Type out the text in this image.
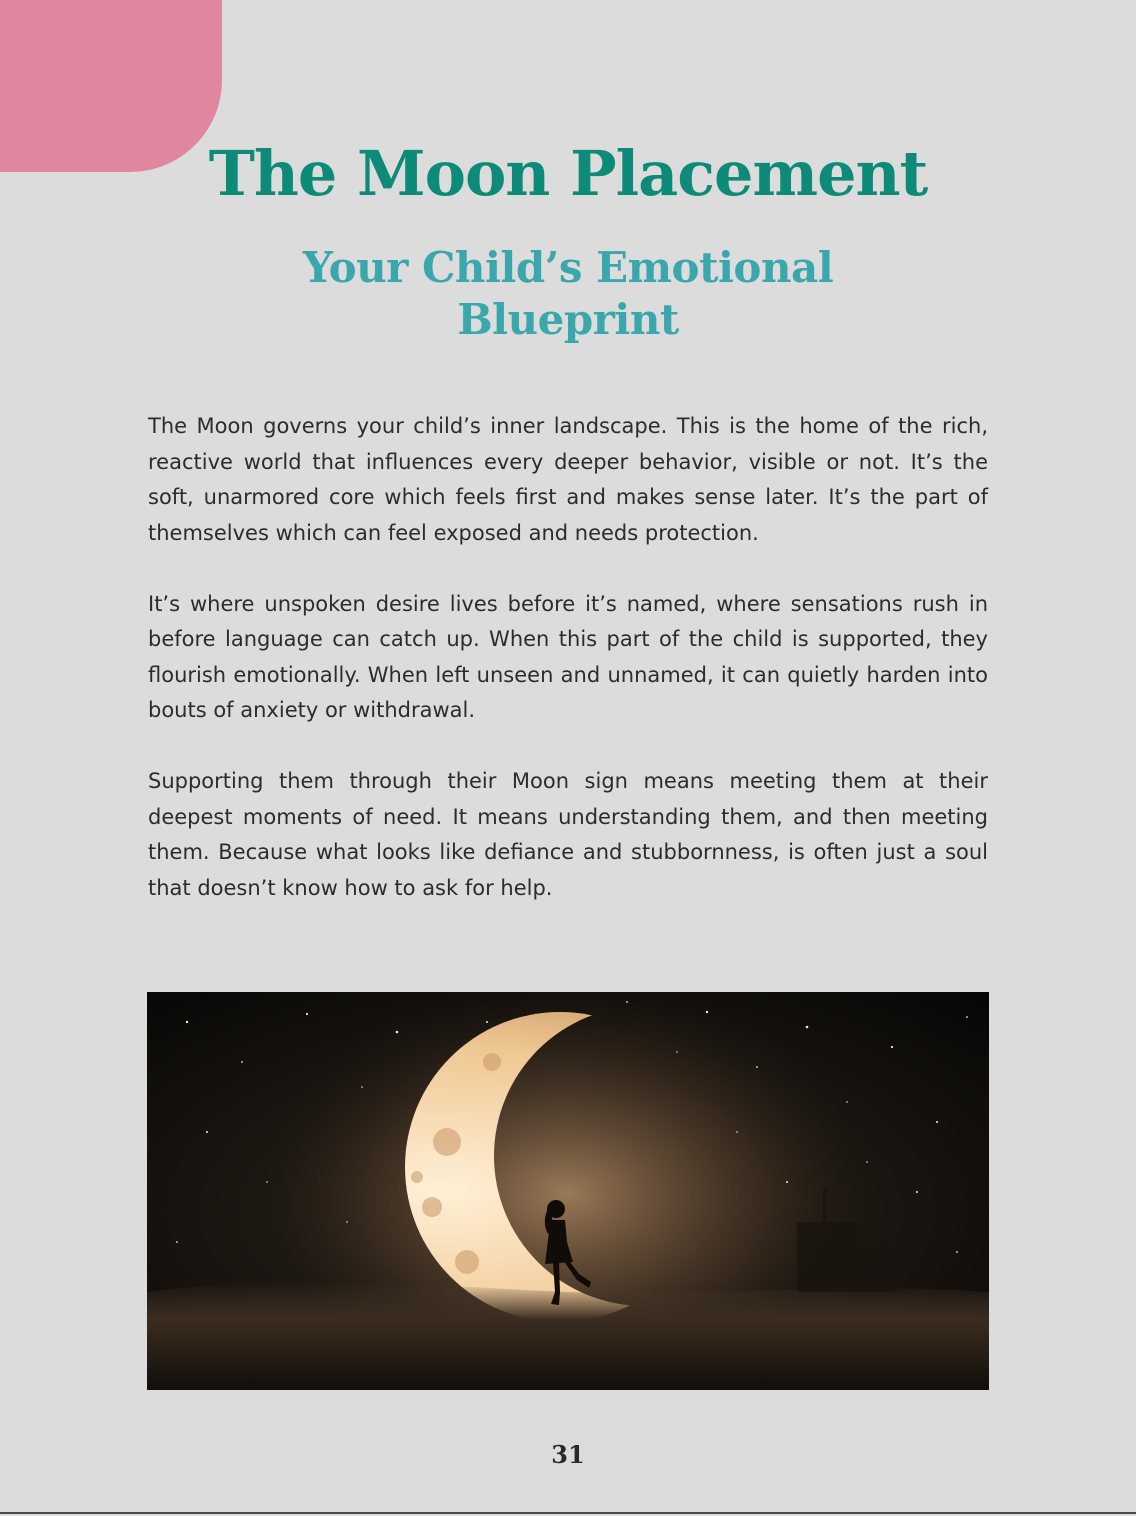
The Moon Placement
Your Child’s Emotional Blueprint

The Moon governs your child’s inner landscape. This is the home of the rich, reactive world that influences every deeper behavior, visible or not. It’s the soft, unarmored core which feels first and makes sense later. It’s the part of themselves which can feel exposed and needs protection.

It’s where unspoken desire lives before it’s named, where sensations rush in before language can catch up. When this part of the child is supported, they flourish emotionally. When left unseen and unnamed, it can quietly harden into bouts of anxiety or withdrawal.

Supporting them through their Moon sign means meeting them at their deepest moments of need. It means understanding them, and then meeting them. Because what looks like defiance and stubbornness, is often just a soul that doesn’t know how to ask for help.

31
